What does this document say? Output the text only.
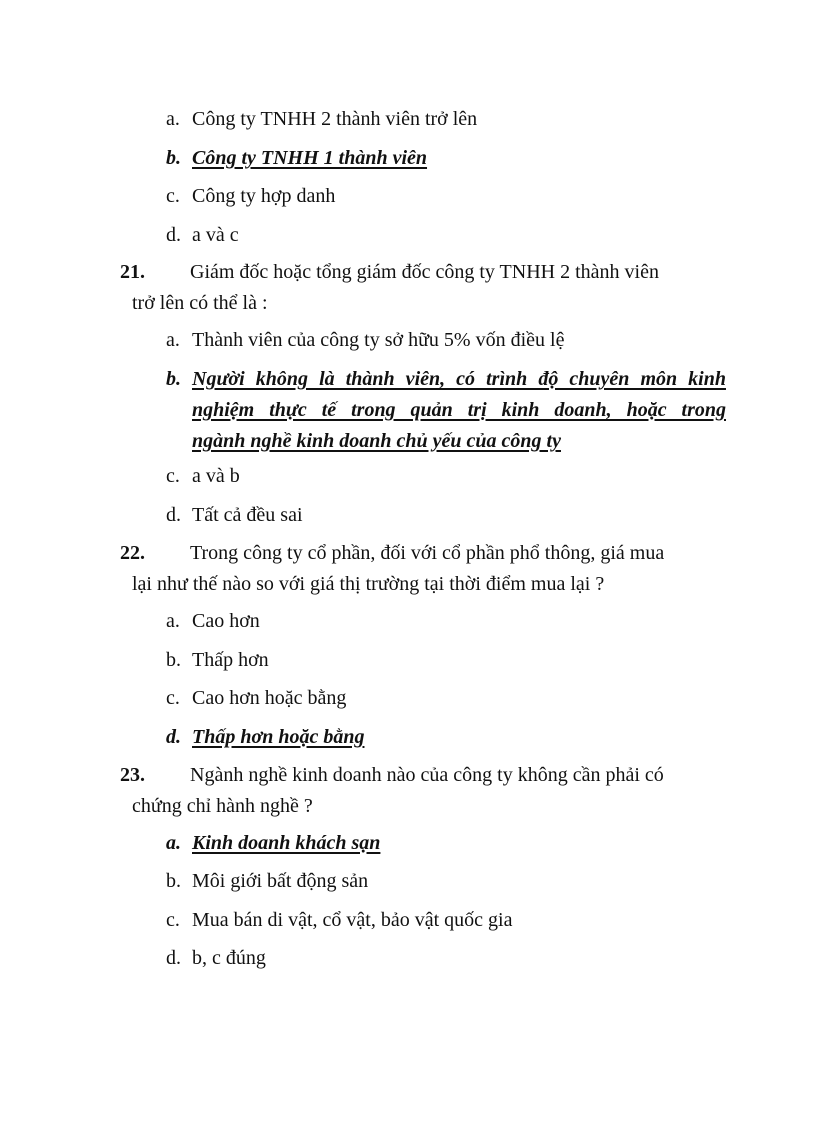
a. Công ty TNHH 2 thành viên trở lên
b. Công ty TNHH 1 thành viên
c. Công ty hợp danh
d. a và c
21. Giám đốc hoặc tổng giám đốc công ty TNHH 2 thành viên
trở lên có thể là :
a. Thành viên của công ty sở hữu 5% vốn điều lệ
b. Người không là thành viên, có trình độ chuyên môn kinh
nghiệm thực tế trong quản trị kinh doanh, hoặc trong
ngành nghề kinh doanh chủ yếu của công ty
c. a và b
d. Tất cả đều sai
22. Trong công ty cổ phần, đối với cổ phần phổ thông, giá mua
lại như thế nào so với giá thị trường tại thời điểm mua lại ?
a. Cao hơn
b. Thấp hơn
c. Cao hơn hoặc bằng
d. Thấp hơn hoặc bằng
23. Ngành nghề kinh doanh nào của công ty không cần phải có
chứng chỉ hành nghề ?
a. Kinh doanh khách sạn
b. Môi giới bất động sản
c. Mua bán di vật, cổ vật, bảo vật quốc gia
d. b, c đúng
